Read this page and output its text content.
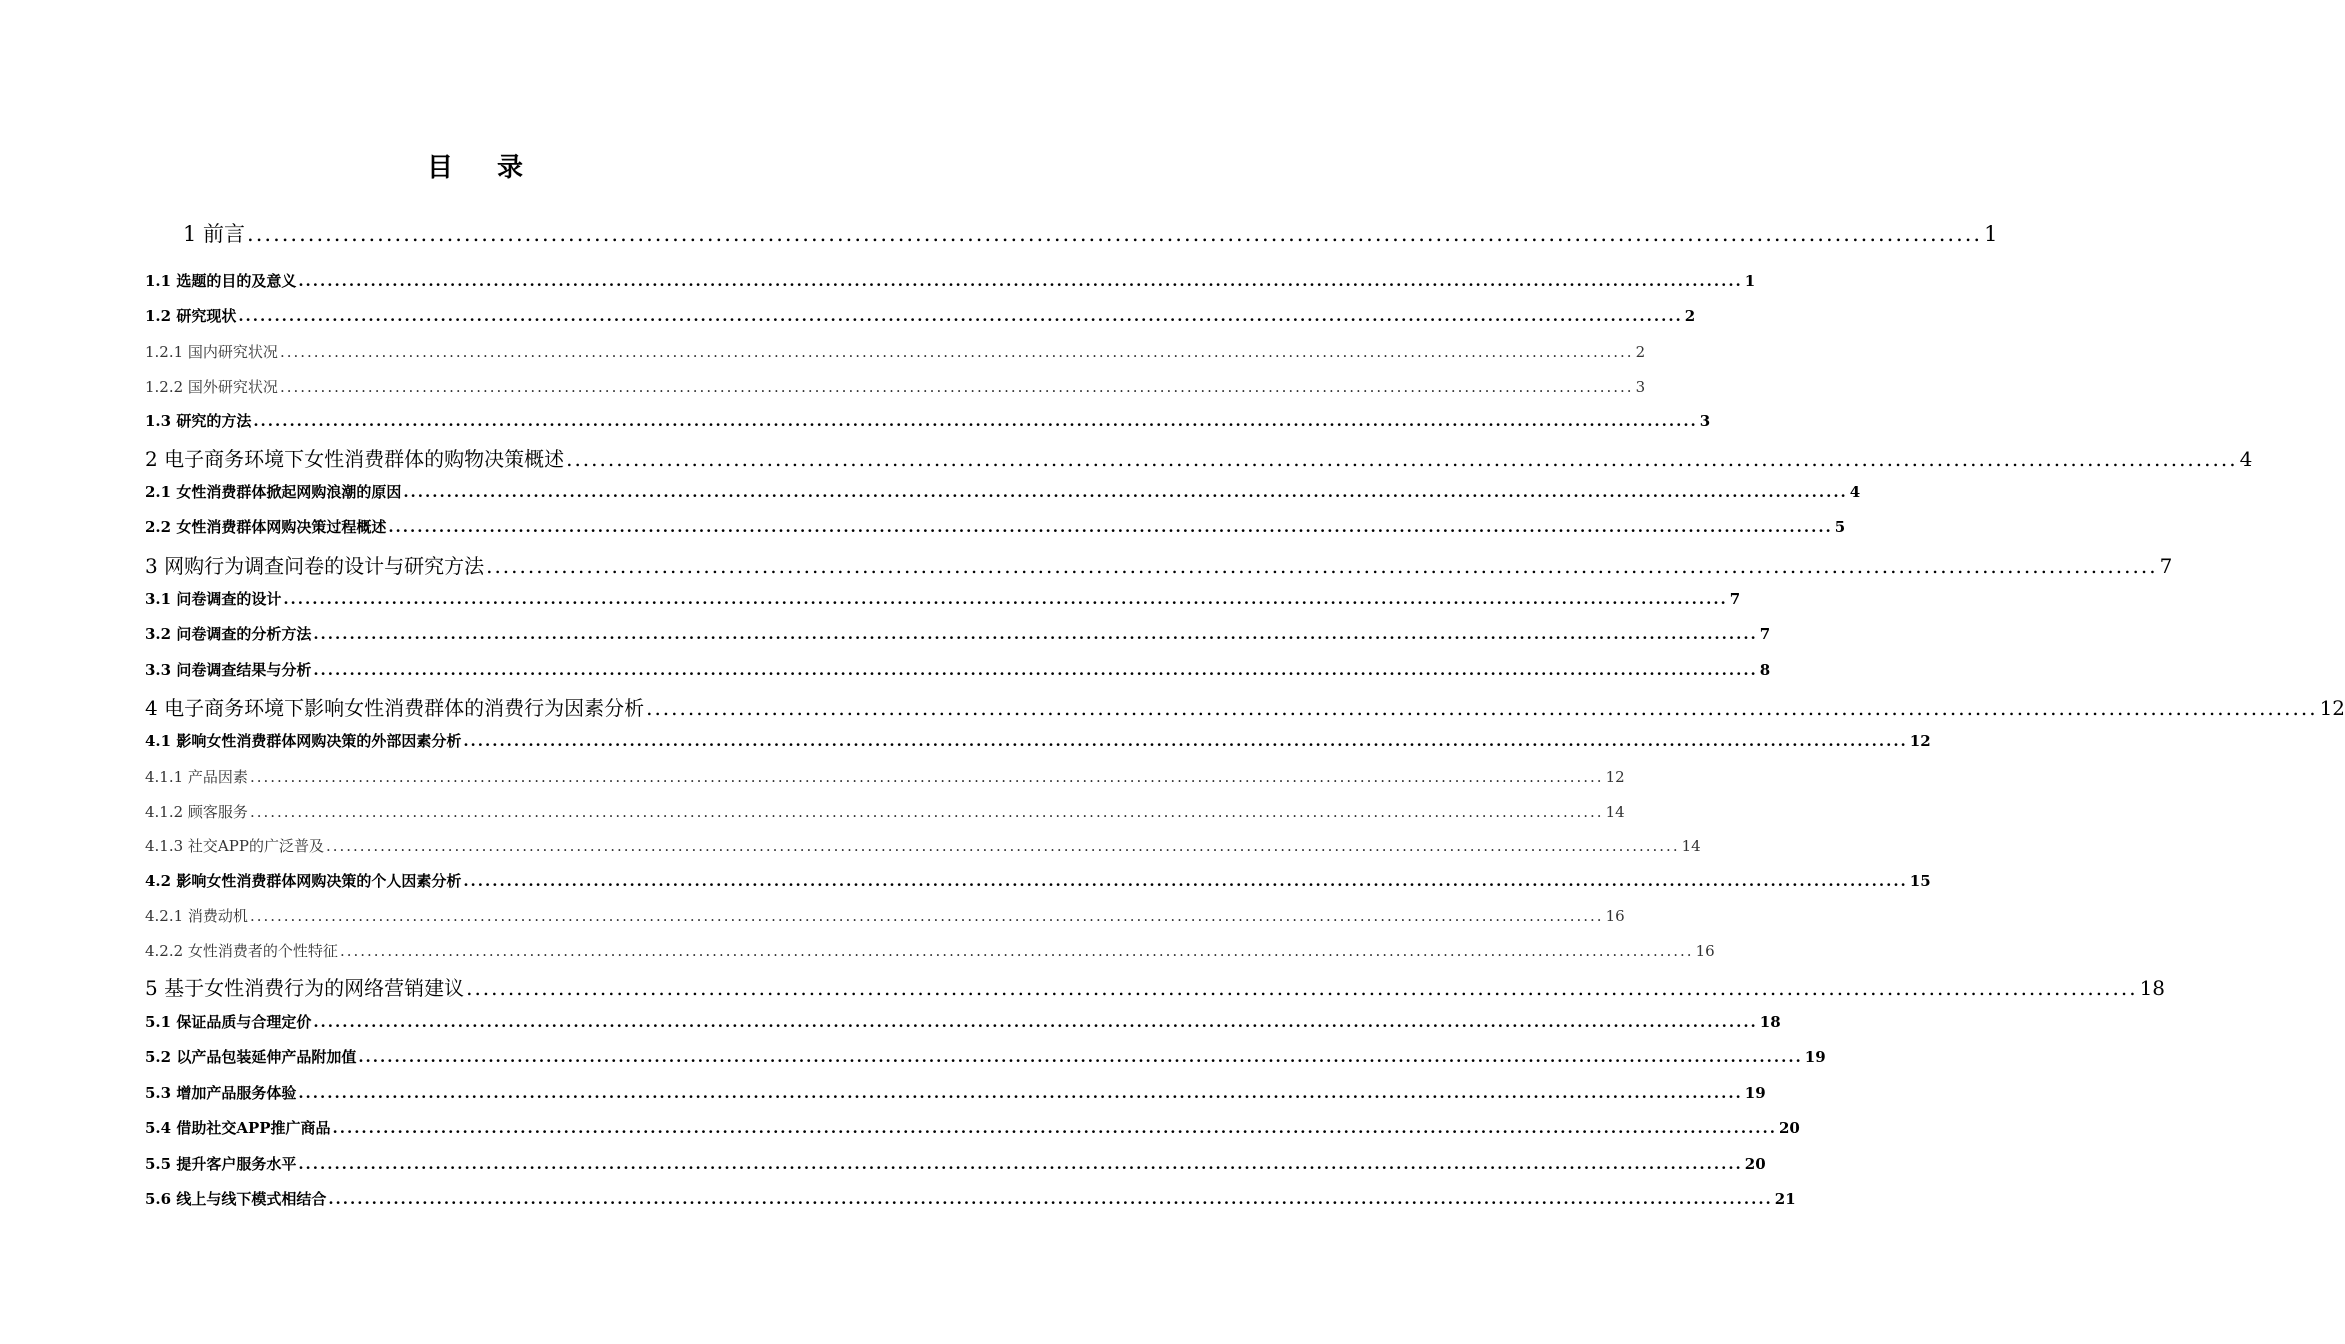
目录
1 前言 ........................................................................................................................................................................................................ 1
1.1 选题的目的及意义 ........................................................................................................................................................................................................ 1
1.2 研究现状 ........................................................................................................................................................................................................ 2
1.2.1 国内研究状况 ........................................................................................................................................................................................................ 2
1.2.2 国外研究状况 ........................................................................................................................................................................................................ 3
1.3 研究的方法 ........................................................................................................................................................................................................ 3
2 电子商务环境下女性消费群体的购物决策概述 ........................................................................................................................................................................................................ 4
2.1 女性消费群体掀起网购浪潮的原因 ........................................................................................................................................................................................................ 4
2.2 女性消费群体网购决策过程概述 ........................................................................................................................................................................................................ 5
3 网购行为调查问卷的设计与研究方法 ........................................................................................................................................................................................................ 7
3.1 问卷调查的设计 ........................................................................................................................................................................................................ 7
3.2 问卷调查的分析方法 ........................................................................................................................................................................................................ 7
3.3 问卷调查结果与分析 ........................................................................................................................................................................................................ 8
4 电子商务环境下影响女性消费群体的消费行为因素分析 ........................................................................................................................................................................................................ 12
4.1 影响女性消费群体网购决策的外部因素分析 ........................................................................................................................................................................................................ 12
4.1.1 产品因素 ........................................................................................................................................................................................................ 12
4.1.2 顾客服务 ........................................................................................................................................................................................................ 14
4.1.3 社交APP的广泛普及 ........................................................................................................................................................................................................ 14
4.2 影响女性消费群体网购决策的个人因素分析 ........................................................................................................................................................................................................ 15
4.2.1 消费动机 ........................................................................................................................................................................................................ 16
4.2.2 女性消费者的个性特征 ........................................................................................................................................................................................................ 16
5 基于女性消费行为的网络营销建议 ........................................................................................................................................................................................................ 18
5.1 保证品质与合理定价 ........................................................................................................................................................................................................ 18
5.2 以产品包装延伸产品附加值 ........................................................................................................................................................................................................ 19
5.3 增加产品服务体验 ........................................................................................................................................................................................................ 19
5.4 借助社交APP推广商品 ........................................................................................................................................................................................................ 20
5.5 提升客户服务水平 ........................................................................................................................................................................................................ 20
5.6 线上与线下模式相结合 ........................................................................................................................................................................................................ 21
